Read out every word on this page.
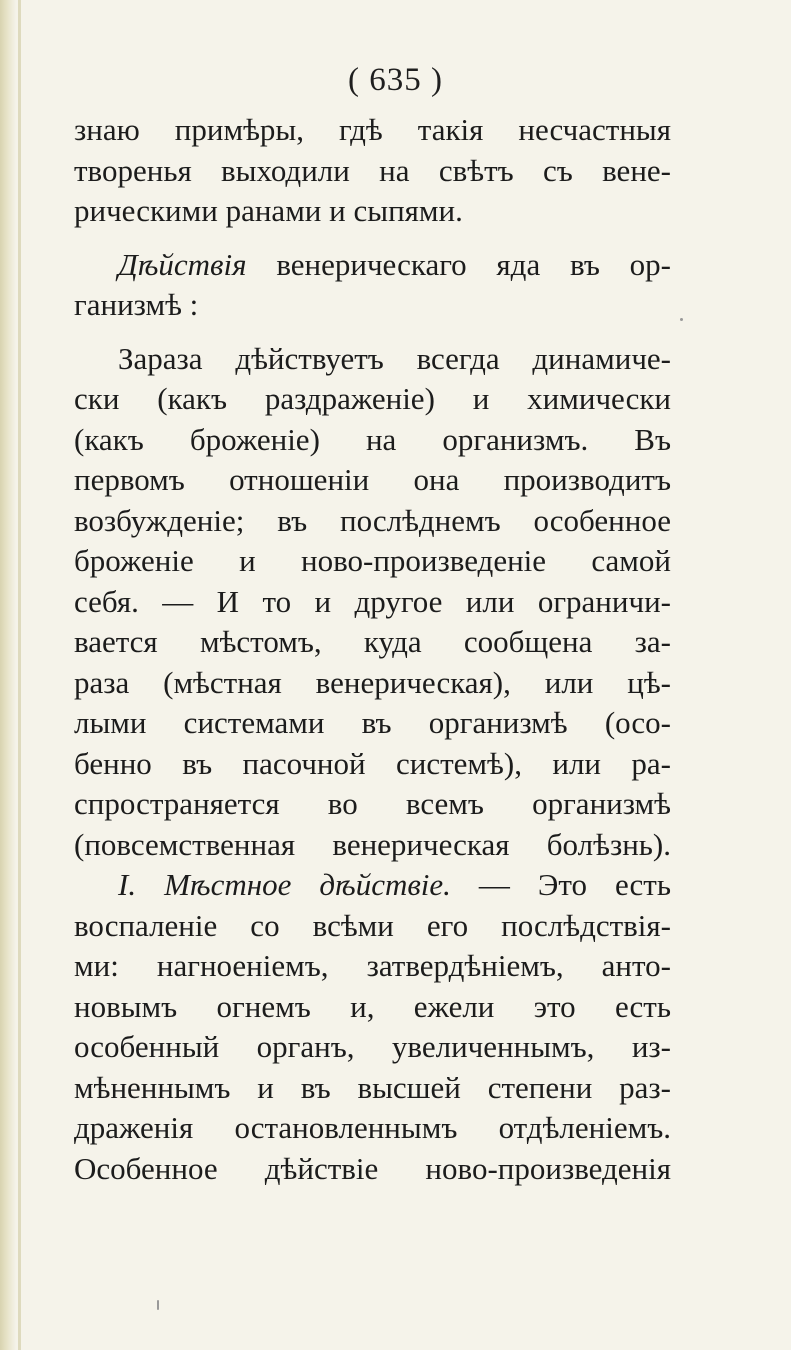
( 635 )
знаю примѣры, гдѣ такія несчастныя
творенья выходили на свѣтъ съ вене-
рическими ранами и сыпями.
Дѣйствія венерическаго яда въ ор-
ганизмѣ :
Зараза дѣйствуетъ всегда динамиче-
ски (какъ раздраженіе) и химически
(какъ броженіе) на организмъ. Въ
первомъ отношеніи она производитъ
возбужденіе; въ послѣднемъ особенное
броженіе и ново-произведеніе самой
себя. — И то и другое или ограничи-
вается мѣстомъ, куда сообщена за-
раза (мѣстная венерическая), или цѣ-
лыми системами въ организмѣ (осо-
бенно въ пасочной системѣ), или ра-
спространяется во всемъ организмѣ
(повсемственная венерическая болѣзнь).
I. Мѣстное дѣйствіе. — Это есть
воспаленіе со всѣми его послѣдствія-
ми: нагноеніемъ, затвердѣніемъ, анто-
новымъ огнемъ и, ежели это есть
особенный органъ, увеличеннымъ, из-
мѣненнымъ и въ высшей степени раз-
драженія остановленнымъ отдѣленіемъ.
Особенное дѣйствіе ново-произведенія
